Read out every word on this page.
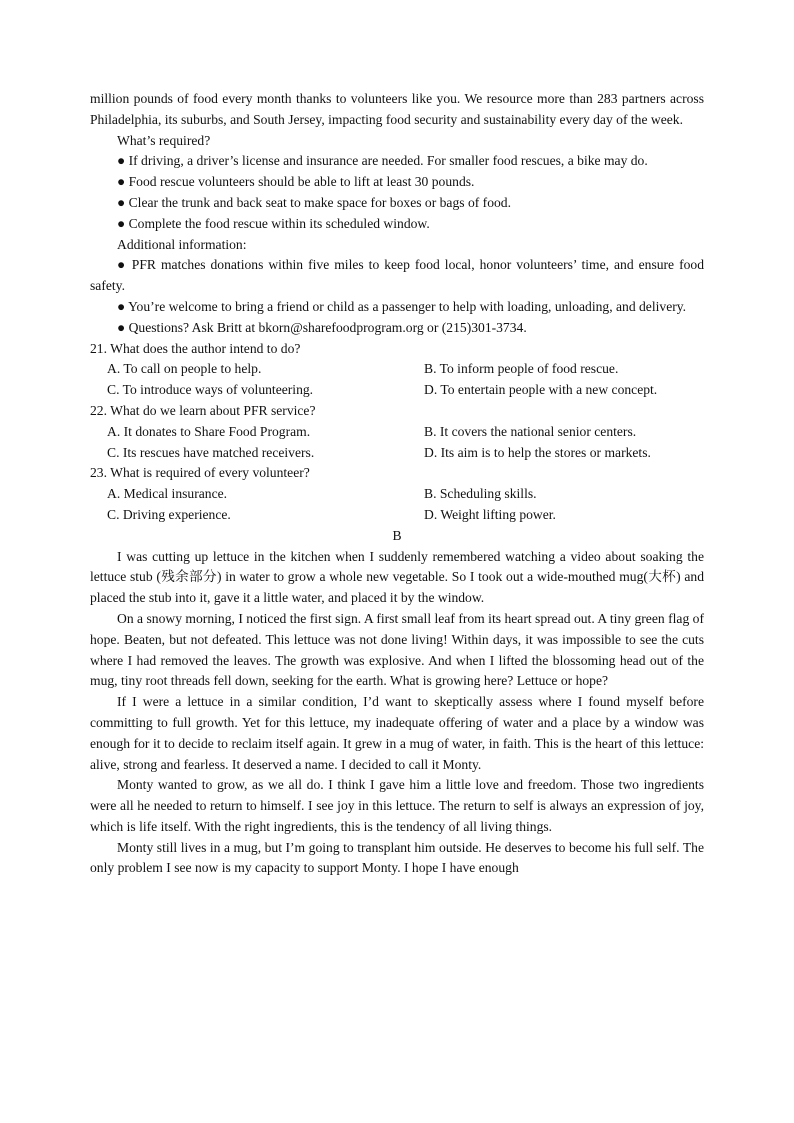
million pounds of food every month thanks to volunteers like you. We resource more than 283 partners across Philadelphia, its suburbs, and South Jersey, impacting food security and sustainability every day of the week.

What’s required?

● If driving, a driver’s license and insurance are needed. For smaller food rescues, a bike may do.

● Food rescue volunteers should be able to lift at least 30 pounds.

● Clear the trunk and back seat to make space for boxes or bags of food.

● Complete the food rescue within its scheduled window.

Additional information:

● PFR matches donations within five miles to keep food local, honor volunteers’ time, and ensure food safety.

● You’re welcome to bring a friend or child as a passenger to help with loading, unloading, and delivery.

● Questions? Ask Britt at bkorn@sharefoodprogram.org or (215)301-3734.

21. What does the author intend to do?

A. To call on people to help.	B. To inform people of food rescue.
C. To introduce ways of volunteering.	D. To entertain people with a new concept.

22. What do we learn about PFR service?

A. It donates to Share Food Program.	B. It covers the national senior centers.
C. Its rescues have matched receivers.	D. Its aim is to help the stores or markets.

23. What is required of every volunteer?

A. Medical insurance.	B. Scheduling skills.
C. Driving experience.	D. Weight lifting power.

B

I was cutting up lettuce in the kitchen when I suddenly remembered watching a video about soaking the lettuce stub (残余部分) in water to grow a whole new vegetable. So I took out a wide-mouthed mug(大杯) and placed the stub into it, gave it a little water, and placed it by the window.

On a snowy morning, I noticed the first sign. A first small leaf from its heart spread out. A tiny green flag of hope. Beaten, but not defeated. This lettuce was not done living! Within days, it was impossible to see the cuts where I had removed the leaves. The growth was explosive. And when I lifted the blossoming head out of the mug, tiny root threads fell down, seeking for the earth. What is growing here? Lettuce or hope?

If I were a lettuce in a similar condition, I’d want to skeptically assess where I found myself before committing to full growth. Yet for this lettuce, my inadequate offering of water and a place by a window was enough for it to decide to reclaim itself again. It grew in a mug of water, in faith. This is the heart of this lettuce: alive, strong and fearless. It deserved a name. I decided to call it Monty.

Monty wanted to grow, as we all do. I think I gave him a little love and freedom. Those two ingredients were all he needed to return to himself. I see joy in this lettuce. The return to self is always an expression of joy, which is life itself. With the right ingredients, this is the tendency of all living things.

Monty still lives in a mug, but I’m going to transplant him outside. He deserves to become his full self. The only problem I see now is my capacity to support Monty. I hope I have enough
